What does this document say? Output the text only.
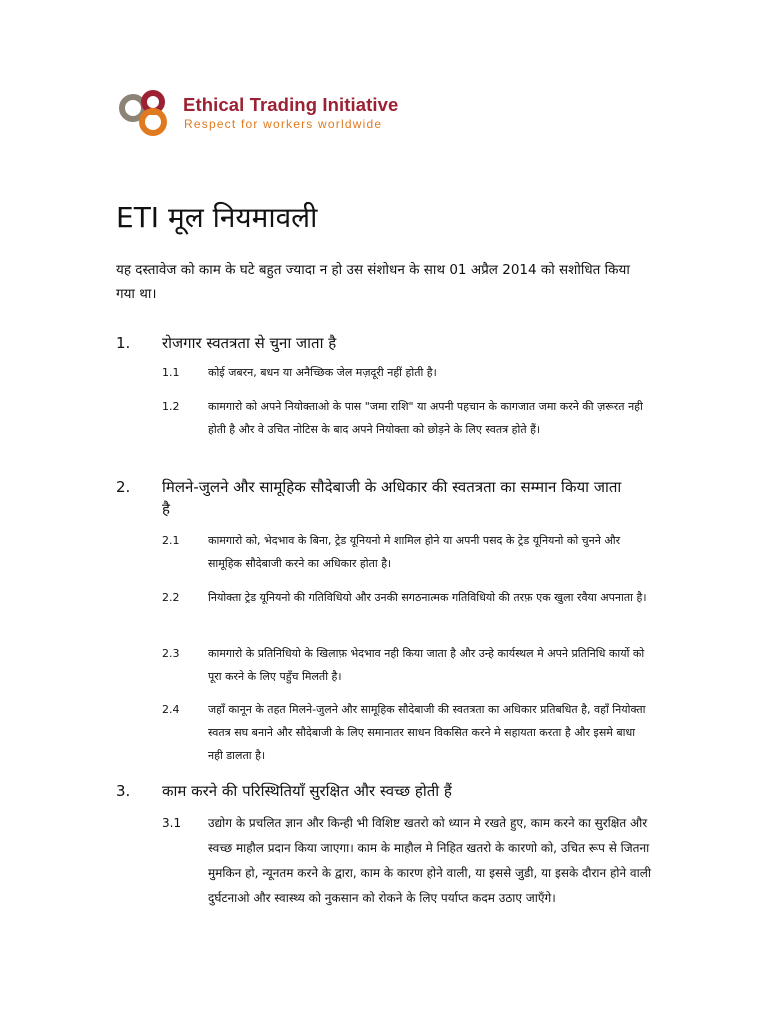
Ethical Trading Initiative
Respect for workers worldwide
ETI मूल नियमावली
यह दस्तावेज को काम के घटे बहुत ज्यादा न हो उस संशोधन के साथ 01 अप्रैल 2014 को सशोधित किया गया था।
1. रोजगार स्वतत्रता से चुना जाता है
1.1	कोई जबरन, बधन या अनैच्छिक जेल मज़दूरी नहीं होती है।
1.2	कामगारो को अपने नियोक्ताओ के पास "जमा राशि" या अपनी पहचान के कागजात जमा करने की ज़रूरत नही होती है और वे उचित नोटिस के बाद अपने नियोक्ता को छोड़ने के लिए स्वतत्र होते हैं।
2. मिलने-जुलने और सामूहिक सौदेबाजी के अधिकार की स्वतत्रता का सम्मान किया जाता है
2.1	कामगारो को, भेदभाव के बिना, ट्रेड यूनियनो मे शामिल होने या अपनी पसद के ट्रेड यूनियनो को चुनने और सामूहिक सौदेबाजी करने का अधिकार होता है।
2.2	नियोक्ता ट्रेड यूनियनो की गतिविधियो और उनकी सगठनात्मक गतिविधियो की तरफ़ एक खुला रवैया अपनाता है।
2.3	कामगारो के प्रतिनिधियो के खिलाफ़ भेदभाव नही किया जाता है और उन्हे कार्यस्थल मे अपने प्रतिनिधि कार्यो को पूरा करने के लिए पहुँच मिलती है।
2.4	जहाँ कानून के तहत मिलने-जुलने और सामूहिक सौदेबाजी की स्वतत्रता का अधिकार प्रतिबधित है, वहाँ नियोक्ता स्वतत्र सघ बनाने और सौदेबाजी के लिए समानातर साधन विकसित करने मे सहायता करता है और इसमे बाधा नही डालता है।
3. काम करने की परिस्थितियाँ सुरक्षित और स्वच्छ होती हैं
3.1 उद्योग के प्रचलित ज्ञान और किन्ही भी विशिष्ट खतरो को ध्यान मे रखते हुए, काम करने का सुरक्षित और स्वच्छ माहौल प्रदान किया जाएगा। काम के माहौल मे निहित खतरो के कारणो को, उचित रूप से जितना मुमकिन हो, न्यूनतम करने के द्वारा, काम के कारण होने वाली, या इससे जुडी, या इसके दौरान होने वाली दुर्घटनाओ और स्वास्थ्य को नुकसान को रोकने के लिए पर्याप्त कदम उठाए जाएँगे।
